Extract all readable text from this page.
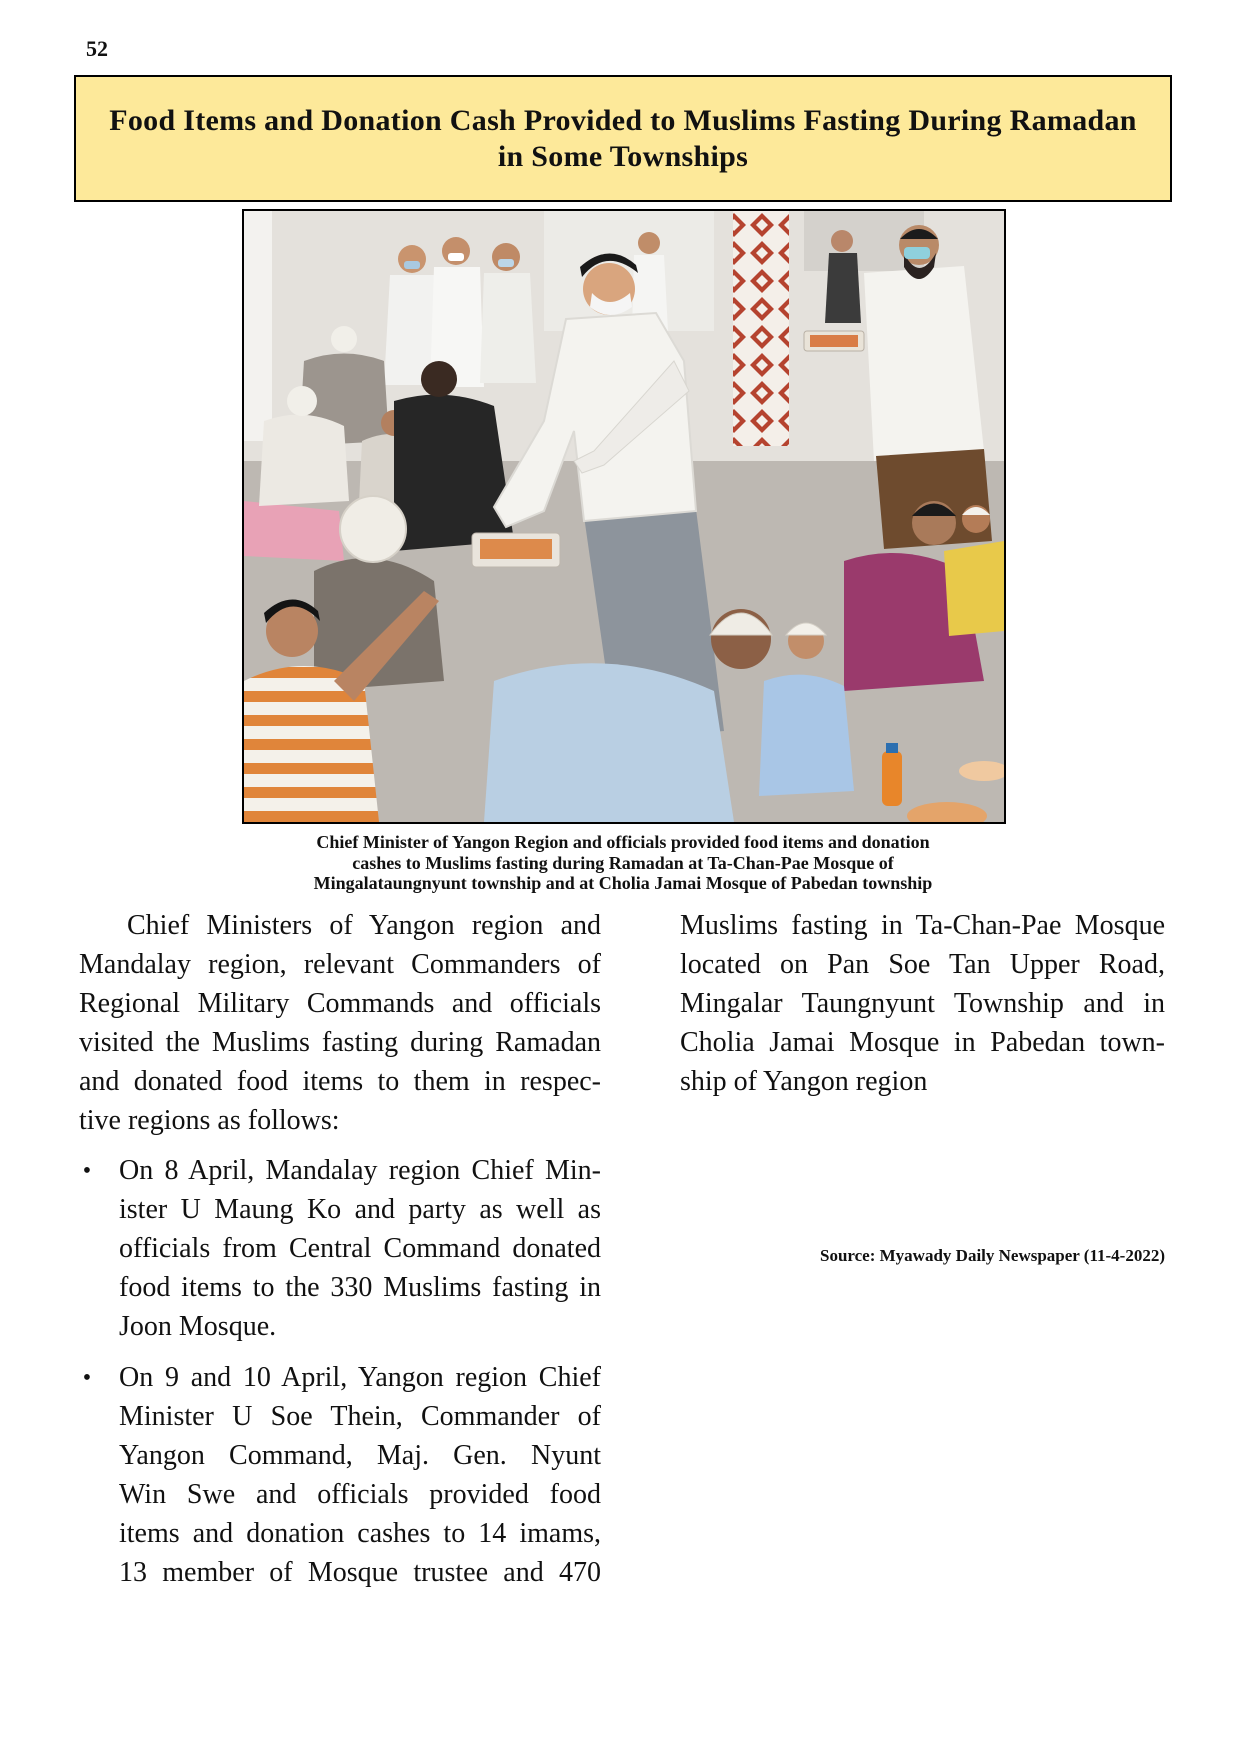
52
Food Items and Donation Cash Provided to Muslims Fasting During Ramadan
in Some Townships
Chief Minister of Yangon Region and officials provided food items and donation
cashes to Muslims fasting during Ramadan at Ta-Chan-Pae Mosque of
Mingalataungnyunt township and at Cholia Jamai Mosque of Pabedan township
Chief Ministers of Yangon region and
Mandalay region, relevant Commanders of
Regional Military Commands and officials
visited the Muslims fasting during Ramadan
and donated food items to them in respec-
tive regions as follows:
• On 8 April, Mandalay region Chief Min-
ister U Maung Ko and party as well as
officials from Central Command donated
food items to the 330 Muslims fasting in
Joon Mosque.
• On 9 and 10 April, Yangon region Chief
Minister U Soe Thein, Commander of
Yangon Command, Maj. Gen. Nyunt
Win Swe and officials provided food
items and donation cashes to 14 imams,
13 member of Mosque trustee and 470
Muslims fasting in Ta-Chan-Pae Mosque
located on Pan Soe Tan Upper Road,
Mingalar Taungnyunt Township and in
Cholia Jamai Mosque in Pabedan town-
ship of Yangon region
Source: Myawady Daily Newspaper (11-4-2022)
